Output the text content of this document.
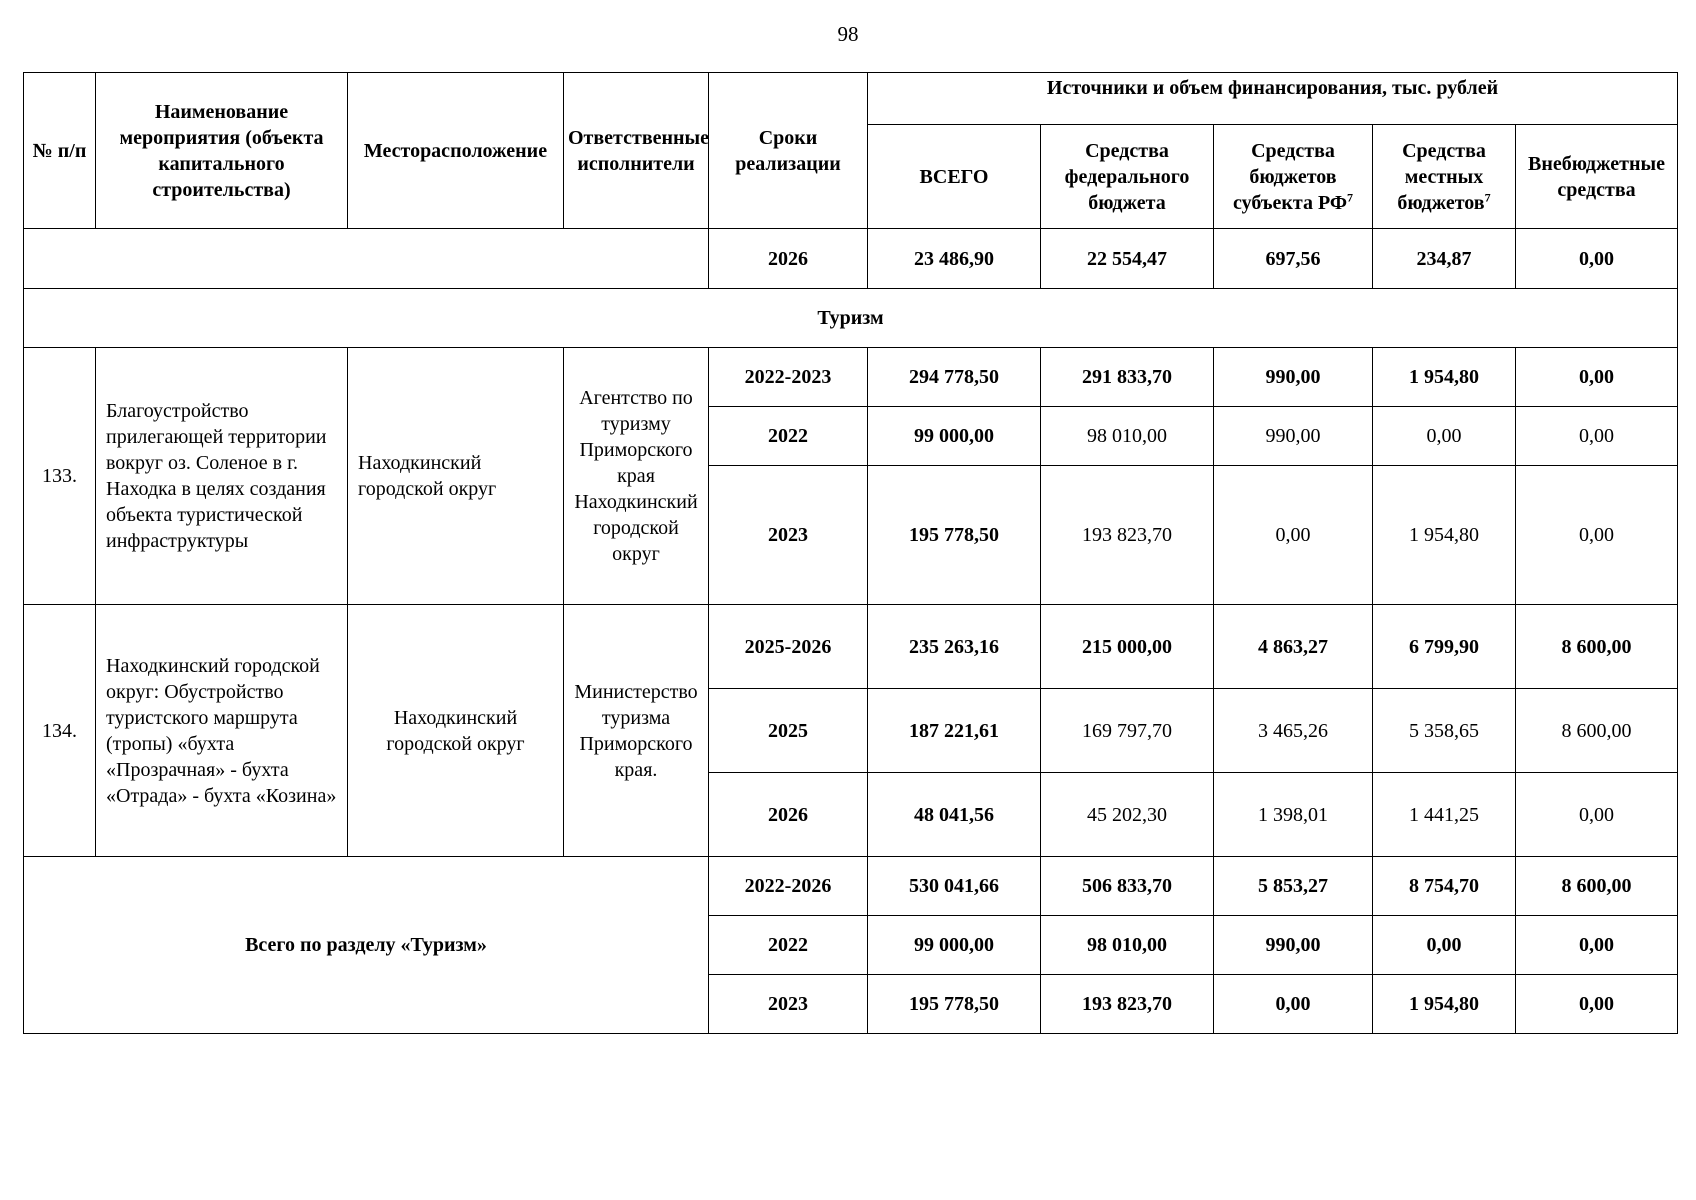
98
№ п/п	Наименование мероприятия (объекта капитального строительства)	Месторасположение	Ответственные исполнители	Сроки реализации	Источники и объем финансирования, тыс. рублей				
					ВСЕГО	Средства федерального бюджета	Средства бюджетов субъекта $РФ^7$	Средства местных бюджетов$^7$	Внебюджетные средства
				2026	23 486,90	22 554,47	697,56	234,87	0,00
Туризм									
133.	Благоустройство прилегающей территории вокруг оз. Соленое в г. Находка в целях создания объекта туристической инфраструктуры	Находкинский городской округ	Агентство по туризму Приморского края Находкинский городской округ	2022-2023	294 778,50	291 833,70	990,00	1 954,80	0,00
				2022	99 000,00	98 010,00	990,00	0,00	0,00
				2023	195 778,50	193 823,70	0,00	1 954,80	0,00
134.	Находкинский городской округ: Обустройство туристского маршрута (тропы) «бухта «Прозрачная» - бухта «Отрада» - бухта «Козина»	Находкинский городской округ	Министерство туризма Приморского края.	2025-2026	235 263,16	215 000,00	4 863,27	6 799,90	8 600,00
				2025	187 221,61	169 797,70	3 465,26	5 358,65	8 600,00
				2026	48 041,56	45 202,30	1 398,01	1 441,25	0,00
Всего по разделу «Туризм»				2022-2026	530 041,66	506 833,70	5 853,27	8 754,70	8 600,00
				2022	99 000,00	98 010,00	990,00	0,00	0,00
				2023	195 778,50	193 823,70	0,00	1 954,80	0,00
